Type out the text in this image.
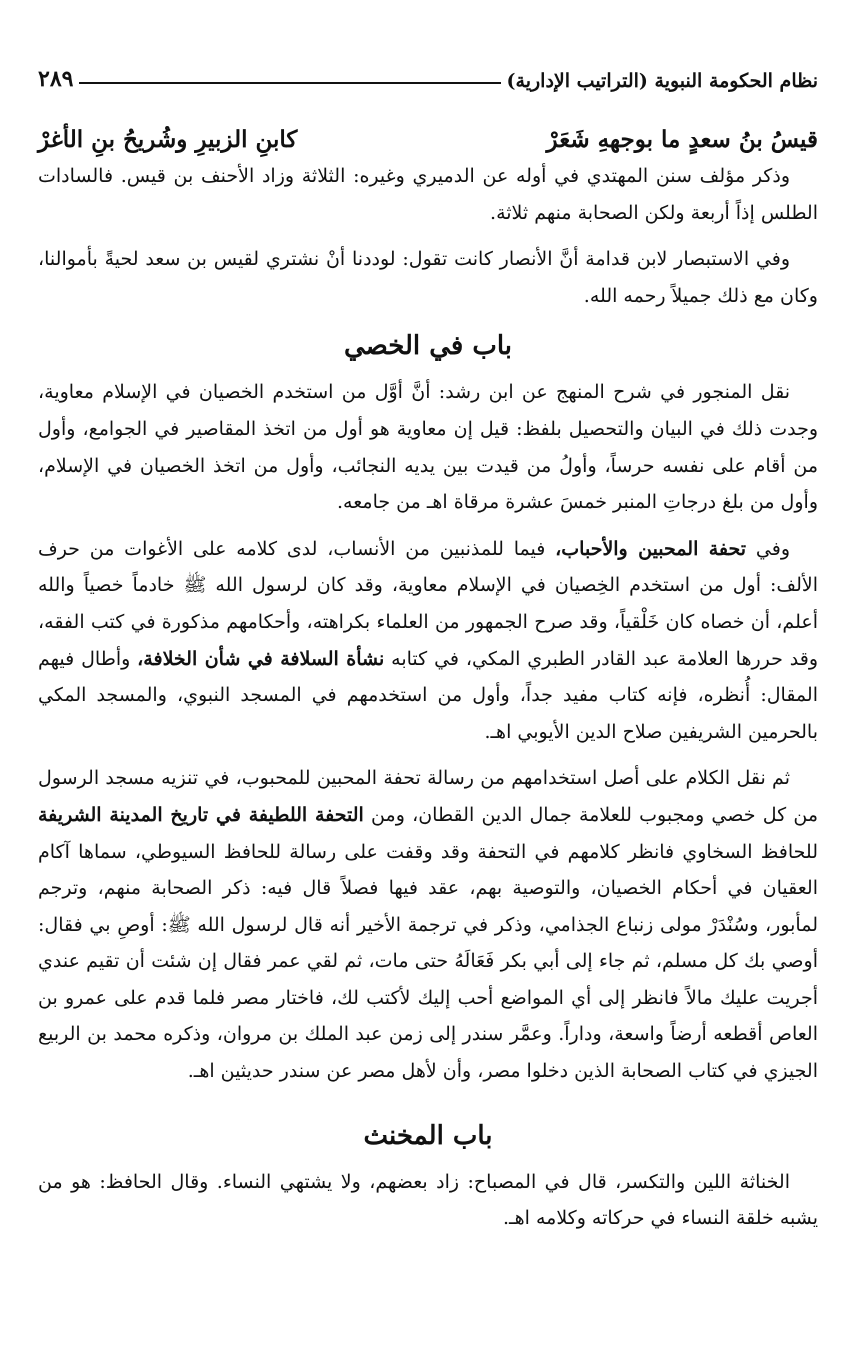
نظام الحكومة النبوية (التراتيب الإدارية)
٢٨٩
قيسُ بنُ سعدٍ ما بوجههِ شَعَرْ
كابنِ الزبيرِ وشُريحُ بنِ الأغرْ

وذكر مؤلف سنن المهتدي في أوله عن الدميري وغيره: الثلاثة وزاد الأحنف بن قيس. فالسادات الطلس إذاً أربعة ولكن الصحابة منهم ثلاثة.

وفي الاستبصار لابن قدامة أنَّ الأنصار كانت تقول: لوددنا أنْ نشتري لقيس بن سعد لحيةً بأموالنا، وكان مع ذلك جميلاً رحمه الله.

باب في الخصي

نقل المنجور في شرح المنهج عن ابن رشد: أنَّ أوَّل من استخدم الخصيان في الإسلام معاوية، وجدت ذلك في البيان والتحصيل بلفظ: قيل إن معاوية هو أول من اتخذ المقاصير في الجوامع، وأول من أقام على نفسه حرساً، وأولُ من قيدت بين يديه النجائب، وأول من اتخذ الخصيان في الإسلام، وأول من بلغ درجاتِ المنبر خمسَ عشرة مرقاة اهـ من جامعه.

وفي تحفة المحبين والأحباب، فيما للمذنبين من الأنساب، لدى كلامه على الأغوات من حرف الألف: أول من استخدم الخِصيان في الإسلام معاوية، وقد كان لرسول الله ﷺ خادماً خصياً والله أعلم، أن خصاه كان خَلْقياً، وقد صرح الجمهور من العلماء بكراهته، وأحكامهم مذكورة في كتب الفقه، وقد حررها العلامة عبد القادر الطبري المكي، في كتابه نشأة السلافة في شأن الخلافة، وأطال فيهم المقال: أُنظره، فإنه كتاب مفيد جداً، وأول من استخدمهم في المسجد النبوي، والمسجد المكي بالحرمين الشريفين صلاح الدين الأيوبي اهـ.

ثم نقل الكلام على أصل استخدامهم من رسالة تحفة المحبين للمحبوب، في تنزيه مسجد الرسول من كل خصي ومجبوب للعلامة جمال الدين القطان، ومن التحفة اللطيفة في تاريخ المدينة الشريفة للحافظ السخاوي فانظر كلامهم في التحفة وقد وقفت على رسالة للحافظ السيوطي، سماها آكام العقيان في أحكام الخصيان، والتوصية بهم، عقد فيها فصلاً قال فيه: ذكر الصحابة منهم، وترجم لمأبور، وسُنْدَرْ مولى زنباع الجذامي، وذكر في ترجمة الأخير أنه قال لرسول الله ﷺ: أوصِ بي فقال: أوصي بك كل مسلم، ثم جاء إلى أبي بكر فَعَالَهُ حتى مات، ثم لقي عمر فقال إن شئت أن تقيم عندي أجريت عليك مالاً فانظر إلى أي المواضع أحب إليك لأكتب لك، فاختار مصر فلما قدم على عمرو بن العاص أقطعه أرضاً واسعة، وداراً. وعمَّر سندر إلى زمن عبد الملك بن مروان، وذكره محمد بن الربيع الجيزي في كتاب الصحابة الذين دخلوا مصر، وأن لأهل مصر عن سندر حديثين اهـ.

باب المخنث

الخناثة اللين والتكسر، قال في المصباح: زاد بعضهم، ولا يشتهي النساء. وقال الحافظ: هو من يشبه خلقة النساء في حركاته وكلامه اهـ.
